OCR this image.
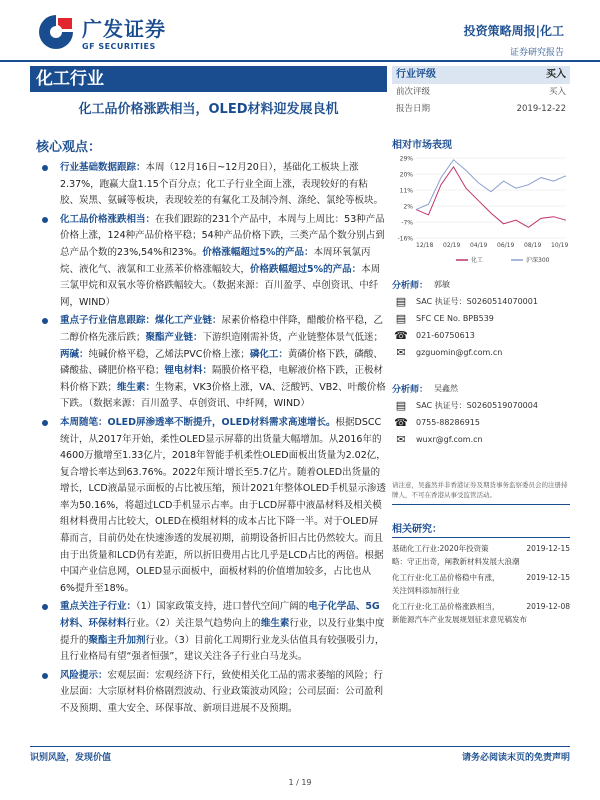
广发证券
GF SECURITIES
投资策略周报|化工
证券研究报告
化工行业
化工品价格涨跌相当，OLED材料迎发展良机
核心观点：
行业基础数据跟踪：本周（12月16日~12月20日），基础化工板块上涨2.37%，跑赢大盘1.15个百分点；化工子行业全面上涨，表现较好的有粘胶、炭黑、氨碱等板块，表现较差的有氟化工及制冷剂、涤纶、氯纶等板块。
化工品价格涨跌相当：在我们跟踪的231个产品中，本周与上周比：53种产品价格上涨，124种产品价格平稳；54种产品价格下跌，三类产品个数分别占到总产品个数的23%,54%和23%。价格涨幅超过5%的产品：本周环氧氯丙烷、液化气、液氯和工业蒸苯价格涨幅较大，价格跌幅超过5%的产品：本周三氯甲烷和双氧水等价格跌幅较大。（数据来源：百川盈孚、卓创资讯、中纤网，WIND）
重点子行业信息跟踪：煤化工产业链：尿素价格稳中伴降，醋酸价格平稳，乙二醇价格先涨后跌；聚酯产业链：下游织造刚需补货，产业链整体景气低迷；两碱：纯碱价格平稳，乙烯法PVC价格上涨；磷化工：黄磷价格下跌，磷酸、磷酸盐、磷肥价格平稳；锂电材料：隔膜价格平稳，电解液价格下跌，正极材料价格下跌；维生素：生物素，VK3价格上涨，VA、泛酸钙、VB2、叶酸价格下跌。（数据来源：百川盈孚、卓创资讯、中纤网，WIND）
本周随笔：OLED屏渗透率不断提升，OLED材料需求高速增长。根据DSCC统计，从2017年开始，柔性OLED显示屏幕的出货量大幅增加。从2016年的4600万撤增至1.33亿片，2018年智能手机柔性OLED面板出货量为2.02亿，复合增长率达到63.76%。2022年预计增长至5.7亿片。随着OLED出货量的增长，LCD液晶显示面板的占比被压缩，预计2021年整体OLED手机显示渗透率为50.16%，将超过LCD手机显示占率。由于LCD屏幕中液晶材料及相关模组材料费用占比较大，OLED在模组材料的成本占比下降一半。对于OLED屏幕而言，目前仍处在快速渗透的发展初期，前期设备折旧占比仍然较大。而且由于出货量和LCD仍有差距，所以折旧费用占比几乎是LCD占比的两倍。根据中国产业信息网，OLED显示面板中，面板材料的价值增加较多，占比也从6%提升至18%。
重点关注子行业：（1）国家政策支持，进口替代空间广阔的电子化学品、5G材料、环保材料行业。（2）关注景气趋势向上的维生素行业，以及行业集中度提升的聚酯主升加剂行业。（3）目前化工周期行业龙头估值具有较强吸引力，且行业格局有望“强者恒强”，建议关注各子行业白马龙头。
风险提示：宏观层面：宏观经济下行，致使相关化工品的需求萎缩的风险；行业层面：大宗原材料价格剧烈波动、行业政策波动风险；公司层面：公司盈利不及预期、重大安全、环保事故、新项目进展不及预期。
行业评级	买入
前次评级	买入
报告日期	2019-12-22
相对市场表现
29%
20%
11%
2%
-7%
-16%
12/18 02/19 04/19 06/19 08/19 10/19
化工	沪深300
分析师： 郭敏
▤	SAC 执证号：S0260514070001
▤	SFC CE No. BPB539
☎ 021-60750613
✉	gzguomin@gf.com.cn
分析师： 吴鑫然
▤	SAC 执证号：S0260519070004
☎ 0755-88286915
✉	wuxr@gf.com.cn
请注意，吴鑫然并非香港证券及期货事务监察委员会的注册持牌人，不可在香港从事受监管活动。
相关研究：
基础化工行业:2020年投资策	2019-12-15
略：守正出奇，阐教新材料发展大浪潮
化工行业:化工品价格稳中有涨，	2019-12-15
关注饲料添加剂行业
化工行业:化工品价格涨跌相当，	2019-12-08
新能源汽车产业发展规划征求意见稿发布
识别风险，发现价值	请务必阅读末页的免责声明
1 / 19
